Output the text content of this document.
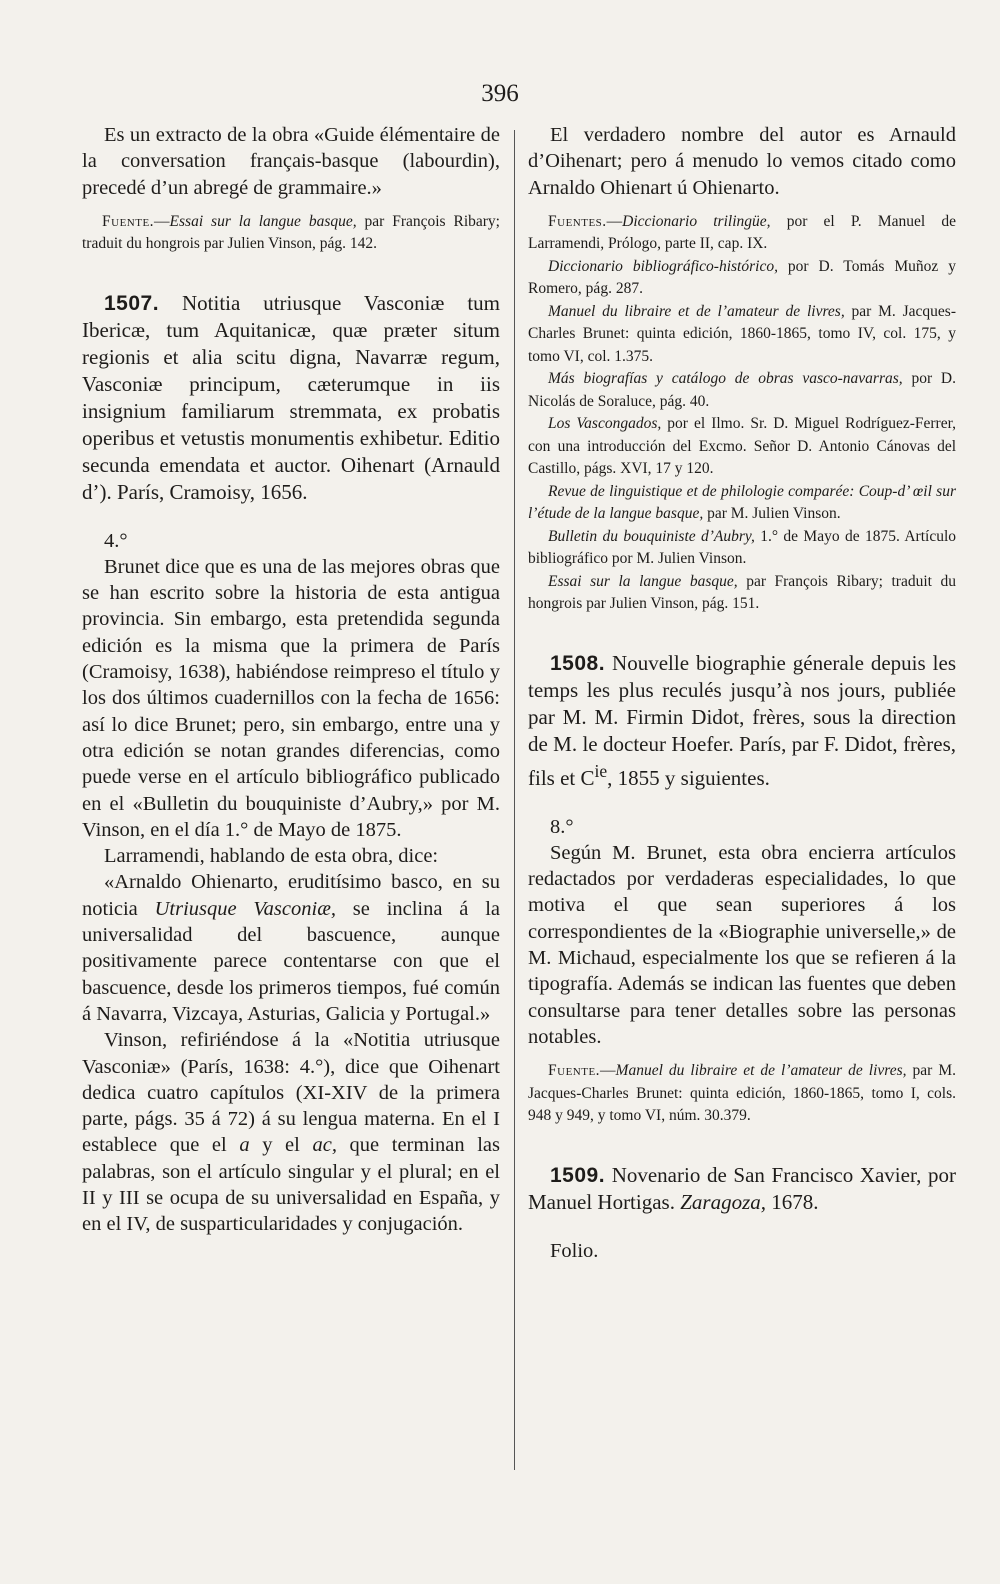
396

Es un extracto de la obra «Guide élémentaire de la conversation français-basque (labourdin), precedé d’un abregé de grammaire.»

Fuente.—Essai sur la langue basque, par François Ribary; traduit du hongrois par Julien Vinson, pág. 142.

1507. Notitia utriusque Vasconiæ tum Ibericæ, tum Aquitanicæ, quæ præter situm regionis et alia scitu digna, Navarræ regum, Vasconiæ principum, cæterumque in iis insignium familiarum stremmata, ex probatis operibus et vetustis monumentis exhibetur. Editio secunda emendata et auctor. Oihenart (Arnauld d’). París, Cramoisy, 1656.

4.°

Brunet dice que es una de las mejores obras que se han escrito sobre la historia de esta antigua provincia. Sin embargo, esta pretendida segunda edición es la misma que la primera de París (Cramoisy, 1638), habiéndose reimpreso el título y los dos últimos cuadernillos con la fecha de 1656: así lo dice Brunet; pero, sin embargo, entre una y otra edición se notan grandes diferencias, como puede verse en el artículo bibliográfico publicado en el «Bulletin du bouquiniste d’Aubry,» por M. Vinson, en el día 1.° de Mayo de 1875.

Larramendi, hablando de esta obra, dice:

«Arnaldo Ohienarto, eruditísimo basco, en su noticia Utriusque Vasconiæ, se inclina á la universalidad del bascuence, aunque positivamente parece contentarse con que el bascuence, desde los primeros tiempos, fué común á Navarra, Vizcaya, Asturias, Galicia y Portugal.»

Vinson, refiriéndose á la «Notitia utriusque Vasconiæ» (París, 1638: 4.°), dice que Oihenart dedica cuatro capítulos (XI-XIV de la primera parte, págs. 35 á 72) á su lengua materna. En el I establece que el a y el ac, que terminan las palabras, son el artículo singular y el plural; en el II y III se ocupa de su universalidad en España, y en el IV, de susparticularidades y conjugación.

El verdadero nombre del autor es Arnauld d’Oihenart; pero á menudo lo vemos citado como Arnaldo Ohienart ú Ohienarto.

Fuentes.—Diccionario trilingüe, por el P. Manuel de Larramendi, Prólogo, parte II, cap. IX.

Diccionario bibliográfico-histórico, por D. Tomás Muñoz y Romero, pág. 287.

Manuel du libraire et de l’amateur de livres, par M. Jacques-Charles Brunet: quinta edición, 1860-1865, tomo IV, col. 175, y tomo VI, col. 1.375.

Más biografías y catálogo de obras vasco-navarras, por D. Nicolás de Soraluce, pág. 40.

Los Vascongados, por el Ilmo. Sr. D. Miguel Rodríguez-Ferrer, con una introducción del Excmo. Señor D. Antonio Cánovas del Castillo, págs. XVI, 17 y 120.

Revue de linguistique et de philologie comparée: Coup-d’ œil sur l’étude de la langue basque, par M. Julien Vinson.

Bulletin du bouquiniste d’Aubry, 1.° de Mayo de 1875. Artículo bibliográfico por M. Julien Vinson.

Essai sur la langue basque, par François Ribary; traduit du hongrois par Julien Vinson, pág. 151.

1508. Nouvelle biographie génerale depuis les temps les plus reculés jusqu’à nos jours, publiée par M. M. Firmin Didot, frères, sous la direction de M. le docteur Hoefer. París, par F. Didot, frères, fils et $C^{ie}$, 1855 y siguientes.

8.°

Según M. Brunet, esta obra encierra artículos redactados por verdaderas especialidades, lo que motiva el que sean superiores á los correspondientes de la «Biographie universelle,» de M. Michaud, especialmente los que se refieren á la tipografía. Además se indican las fuentes que deben consultarse para tener detalles sobre las personas notables.

Fuente.—Manuel du libraire et de l’amateur de livres, par M. Jacques-Charles Brunet: quinta edición, 1860-1865, tomo I, cols. 948 y 949, y tomo VI, núm. 30.379.

1509. Novenario de San Francisco Xavier, por Manuel Hortigas. Zaragoza, 1678.

Folio.
